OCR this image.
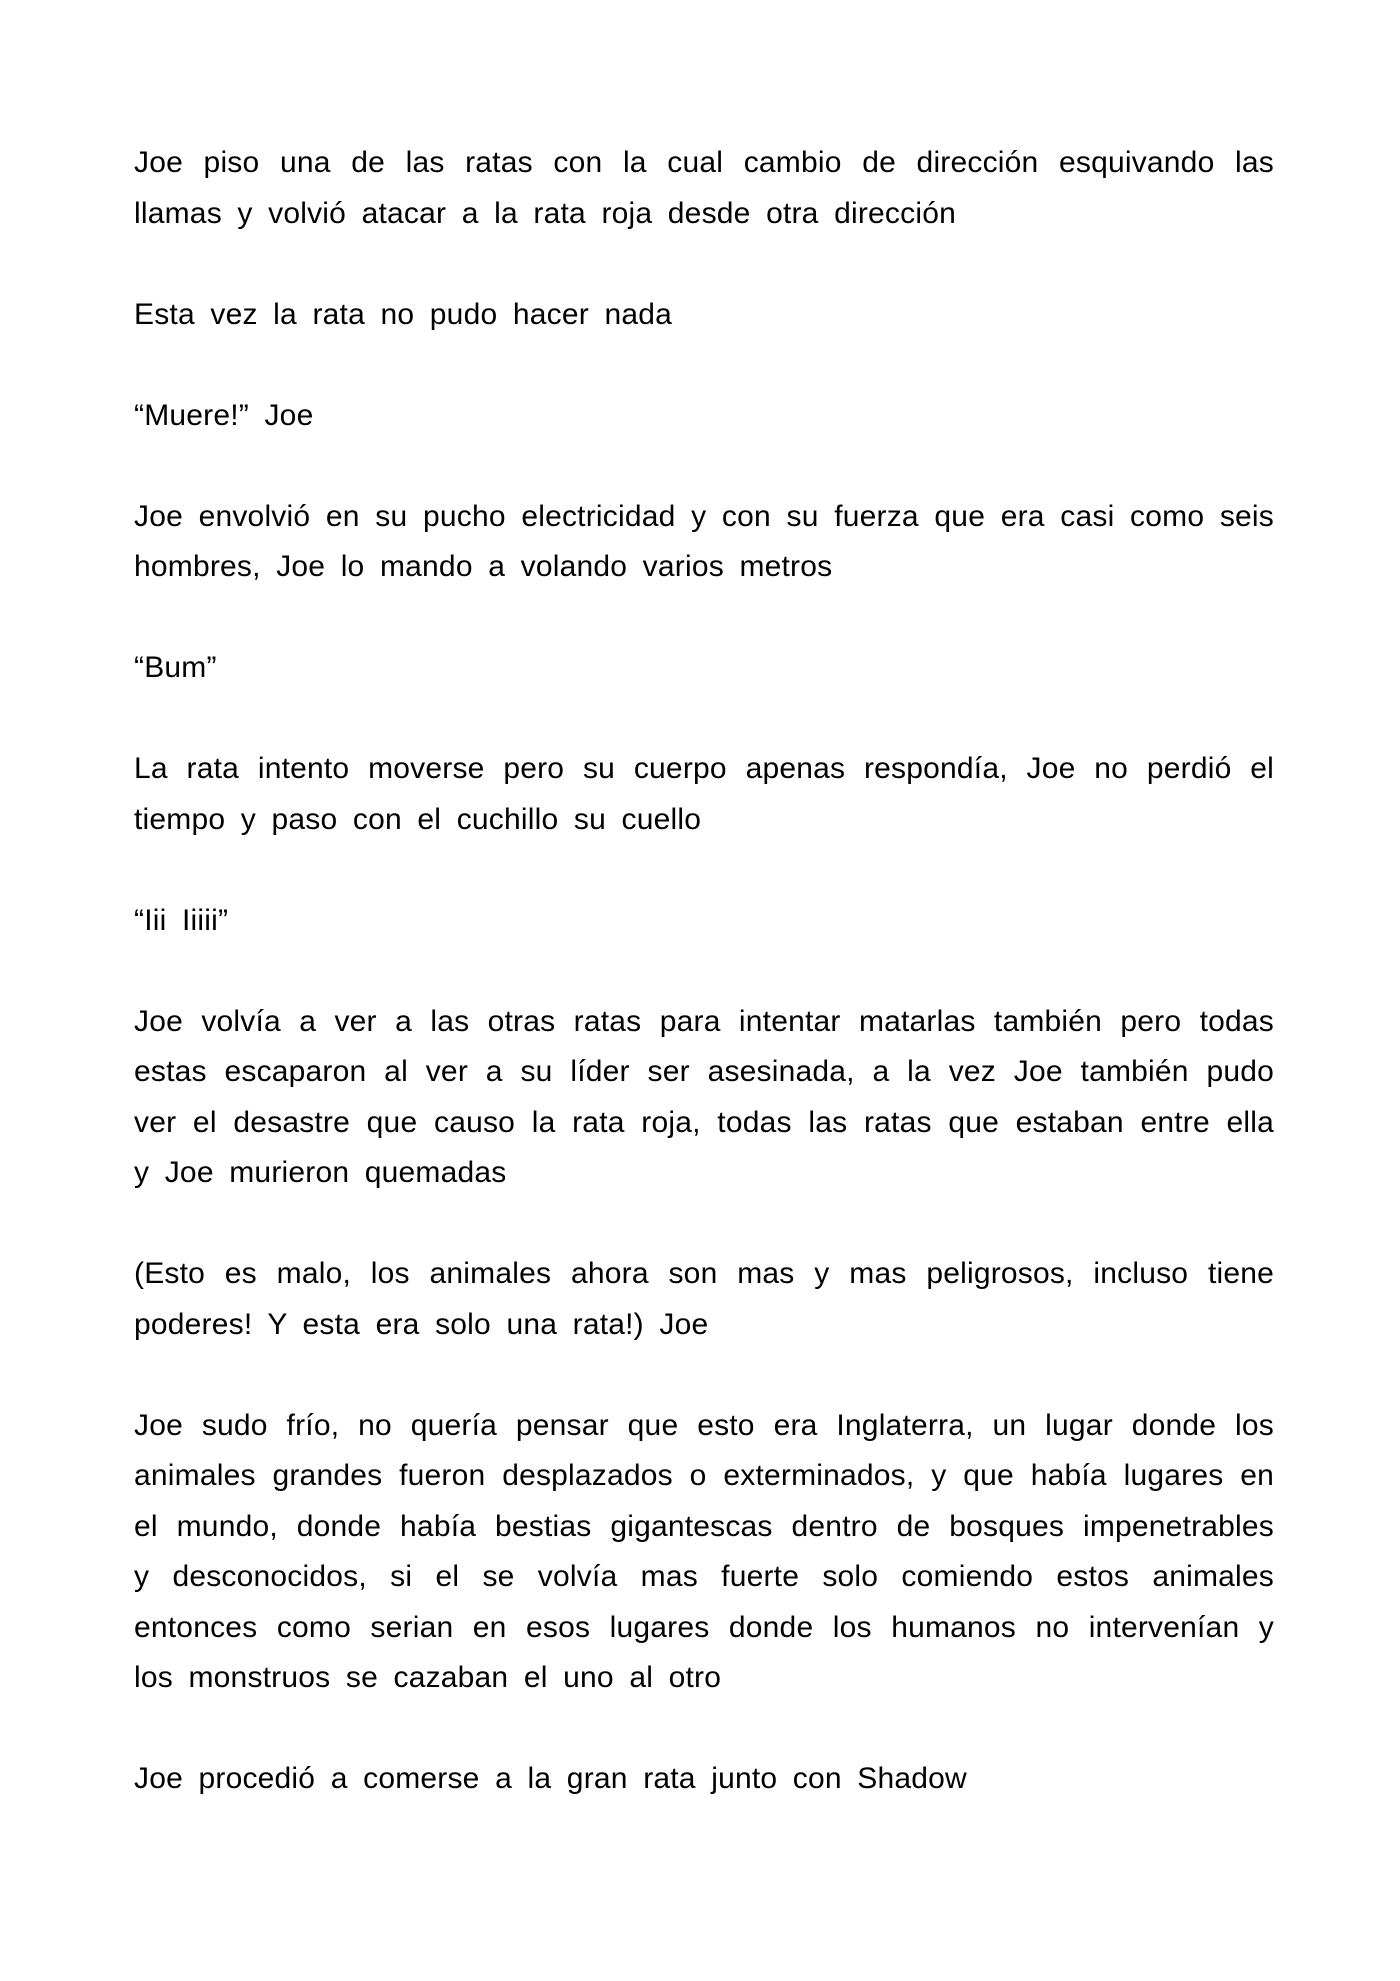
Joe piso una de las ratas con la cual cambio de dirección esquivando las llamas y volvió atacar a la rata roja desde otra dirección

Esta vez la rata no pudo hacer nada

“Muere!” Joe

Joe envolvió en su pucho electricidad y con su fuerza que era casi como seis hombres, Joe lo mando a volando varios metros

“Bum”

La rata intento moverse pero su cuerpo apenas respondía, Joe no perdió el tiempo y paso con el cuchillo su cuello

“Iii Iiiii”

Joe volvía a ver a las otras ratas para intentar matarlas también pero todas estas escaparon al ver a su líder ser asesinada, a la vez Joe también pudo ver el desastre que causo la rata roja, todas las ratas que estaban entre ella y Joe murieron quemadas

(Esto es malo, los animales ahora son mas y mas peligrosos, incluso tiene poderes! Y esta era solo una rata!) Joe

Joe sudo frío, no quería pensar que esto era Inglaterra, un lugar donde los animales grandes fueron desplazados o exterminados, y que había lugares en el mundo, donde había bestias gigantescas dentro de bosques impenetrables y desconocidos, si el se volvía mas fuerte solo comiendo estos animales entonces como serian en esos lugares donde los humanos no intervenían y los monstruos se cazaban el uno al otro

Joe procedió a comerse a la gran rata junto con Shadow
